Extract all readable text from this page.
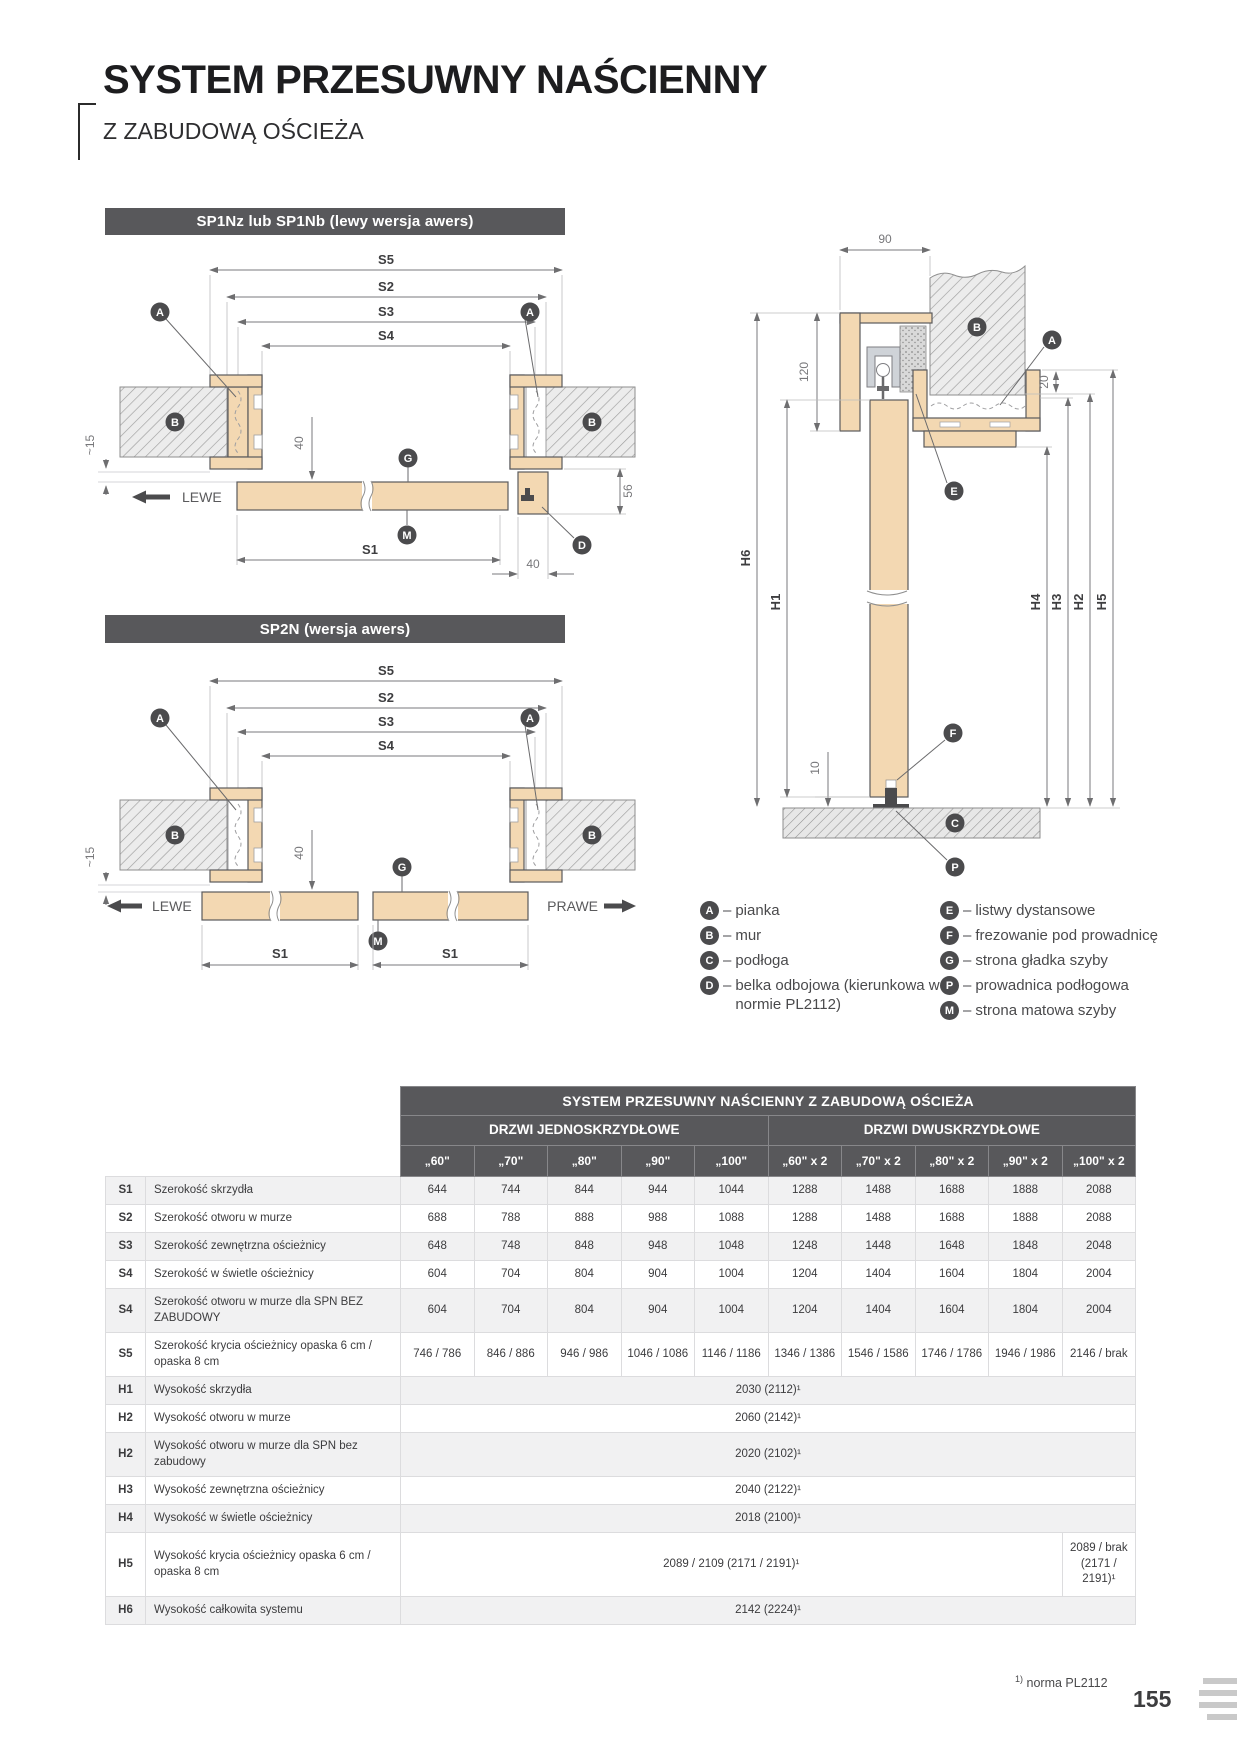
SYSTEM PRZESUWNY NAŚCIENNY
Z ZABUDOWĄ OŚCIEŻA
SP1Nz lub SP1Nb (lewy wersja awers)
S5
S2
S3
S4
A	A
B	B
G
M
D
40
~15
LEWE
S1
56
40
SP2N (wersja awers)
S5
S2
S3
S4
A	A
B	B
G
M
40
~15
LEWE	PRAWE
S1	S1
90
120	20
10
H6
H1	H4 H3 H2 H5
B
A
E
F
C
P
A – pianka
B – mur
C – podłoga
D – belka odbojowa (kierunkowa w normie PL2112)
E – listwy dystansowe
F – frezowanie pod prowadnicę
G – strona gładka szyby
P – prowadnica podłogowa
M – strona matowa szyby
		SYSTEM PRZESUWNY NAŚCIENNY Z ZABUDOWĄ OŚCIEŻA									
		DRZWI JEDNOSKRZYDŁOWE					DRZWI DWUSKRZYDŁOWE				
		„60"	„70"	„80"	„90"	„100"	„60" x 2	„70" x 2	„80" x 2	„90" x 2	„100" x 2
S1	Szerokość skrzydła	644	744	844	944	1044	1288	1488	1688	1888	2088
S2	Szerokość otworu w murze	688	788	888	988	1088	1288	1488	1688	1888	2088
S3	Szerokość zewnętrzna ościeżnicy	648	748	848	948	1048	1248	1448	1648	1848	2048
S4	Szerokość w świetle ościeżnicy	604	704	804	904	1004	1204	1404	1604	1804	2004
S4	Szerokość otworu w murze dla SPN BEZ ZABUDOWY	604	704	804	904	1004	1204	1404	1604	1804	2004
S5	Szerokość krycia ościeżnicy opaska 6 cm / opaska 8 cm	746 / 786	846 / 886	946 / 986	1046 / 1086	1146 / 1186	1346 / 1386	1546 / 1586	1746 / 1786	1946 / 1986	2146 / brak
H1	Wysokość skrzydła	2030 (2112)¹									
H2	Wysokość otworu w murze	2060 (2142)¹									
H2	Wysokość otworu w murze dla SPN bez zabudowy	2020 (2102)¹									
H3	Wysokość zewnętrzna ościeżnicy	2040 (2122)¹									
H4	Wysokość w świetle ościeżnicy	2018 (2100)¹									
H5	Wysokość krycia ościeżnicy opaska 6 cm / opaska 8 cm	2089 / 2109 (2171 / 2191)¹									2089 / brak (2171 / 2191)¹
H6	Wysokość całkowita systemu	2142 (2224)¹									
$^{1)}$ norma PL2112
155
